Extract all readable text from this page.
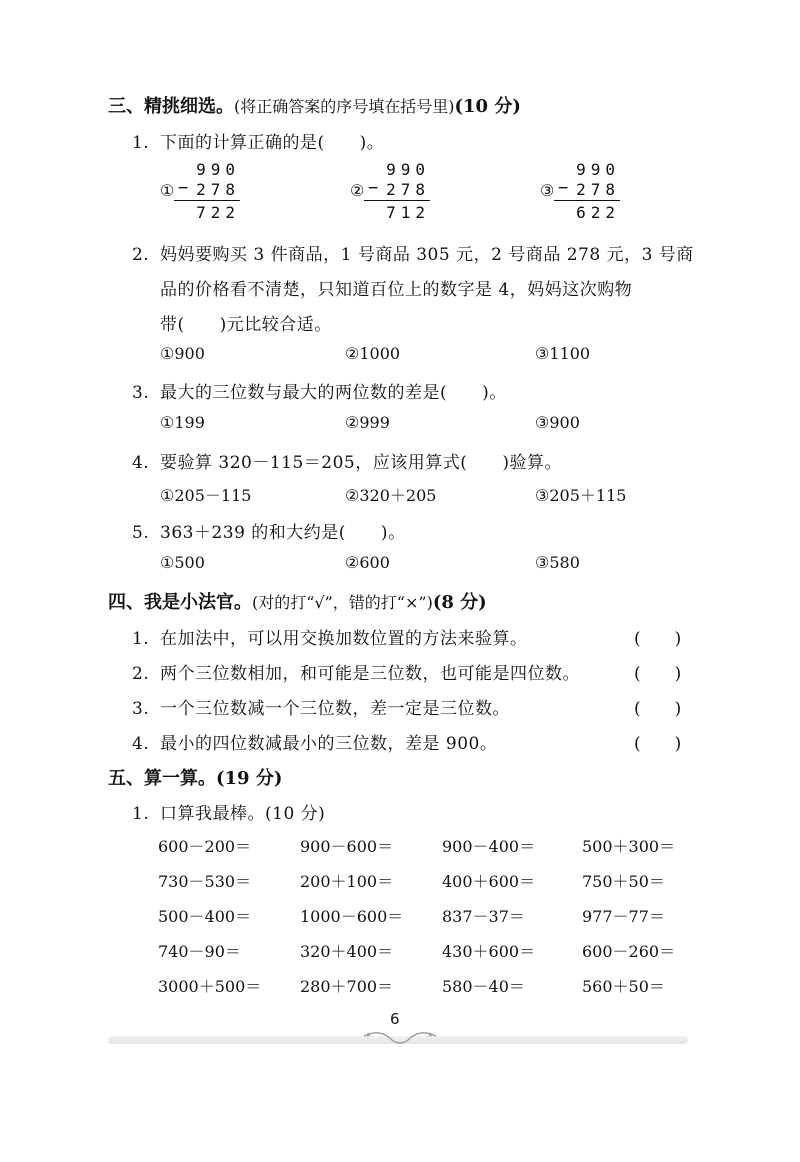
三、精挑细选。(将正确答案的序号填在括号里)(10 分)
1. 下面的计算正确的是(　　)。
① −
990
278
722
② −
990
278
712
③ −
990
278
622
2. 妈妈要购买 3 件商品，1 号商品 305 元，2 号商品 278 元，3 号商
品的价格看不清楚，只知道百位上的数字是 4，妈妈这次购物
带(　　)元比较合适。
①900	②1000	③1100
3. 最大的三位数与最大的两位数的差是(　　)。
①199	②999	③900
4. 要验算 320－115＝205，应该用算式(　　)验算。
①205－115	②320＋205	③205＋115
5. 363＋239 的和大约是(　　)。
①500	②600	③580
四、我是小法官。(对的打“√”，错的打“×”)(8 分)
1. 在加法中，可以用交换加数位置的方法来验算。	(　　)
2. 两个三位数相加，和可能是三位数，也可能是四位数。	(　　)
3. 一个三位数减一个三位数，差一定是三位数。	(　　)
4. 最小的四位数减最小的三位数，差是 900。	(　　)
五、算一算。(19 分)
1. 口算我最棒。(10 分)
600－200＝	900－600＝	900－400＝	500＋300＝
730－530＝	200＋100＝	400＋600＝	750＋50＝
500－400＝	1000－600＝ 837－37＝	977－77＝
740－90＝	320＋400＝	430＋600＝	600－260＝
3000＋500＝ 280＋700＝	580－40＝	560＋50＝
6
